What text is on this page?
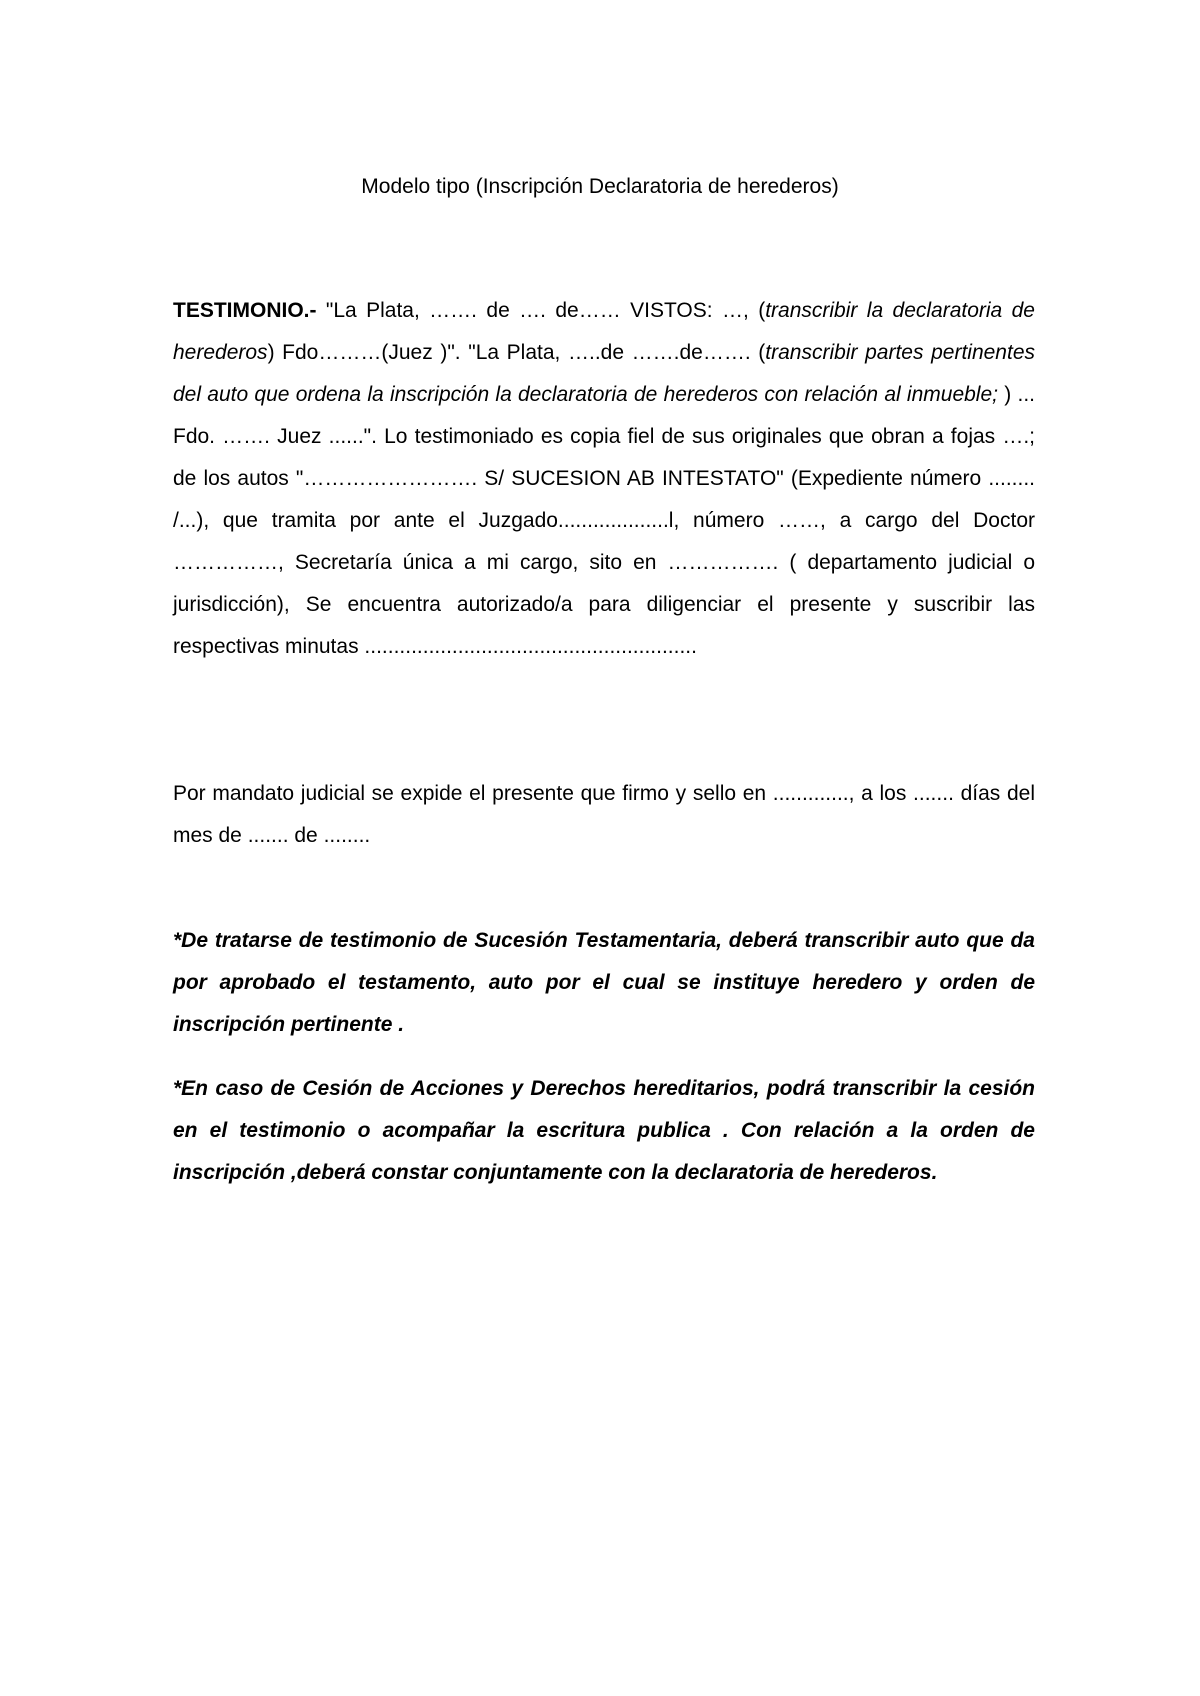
Modelo tipo (Inscripción Declaratoria de herederos)

TESTIMONIO.- "La Plata, ……. de …. de…… VISTOS: …, (transcribir la declaratoria de herederos) Fdo………(Juez )". "La Plata, …..de …….de……. (transcribir partes pertinentes del auto que ordena la inscripción la declaratoria de herederos con relación al inmueble; ) ... Fdo. ……. Juez ......". Lo testimoniado es copia fiel de sus originales que obran a fojas ….; de los autos "……………………. S/ SUCESION AB INTESTATO" (Expediente número ........ /...), que tramita por ante el Juzgado...................l, número ……, a cargo del Doctor ……………, Secretaría única a mi cargo, sito en ……………. ( departamento judicial o jurisdicción), Se encuentra autorizado/a para diligenciar el presente y suscribir las respectivas minutas .........................................................

Por mandato judicial se expide el presente que firmo y sello en ............., a los ....... días del mes de ....... de ........

*De tratarse de testimonio de Sucesión Testamentaria, deberá transcribir auto que da por aprobado el testamento, auto por el cual se instituye heredero y orden de inscripción pertinente .

*En caso de Cesión de Acciones y Derechos hereditarios, podrá transcribir la cesión en el testimonio o acompañar la escritura publica . Con relación a la orden de inscripción ,deberá constar conjuntamente con la declaratoria de herederos.
